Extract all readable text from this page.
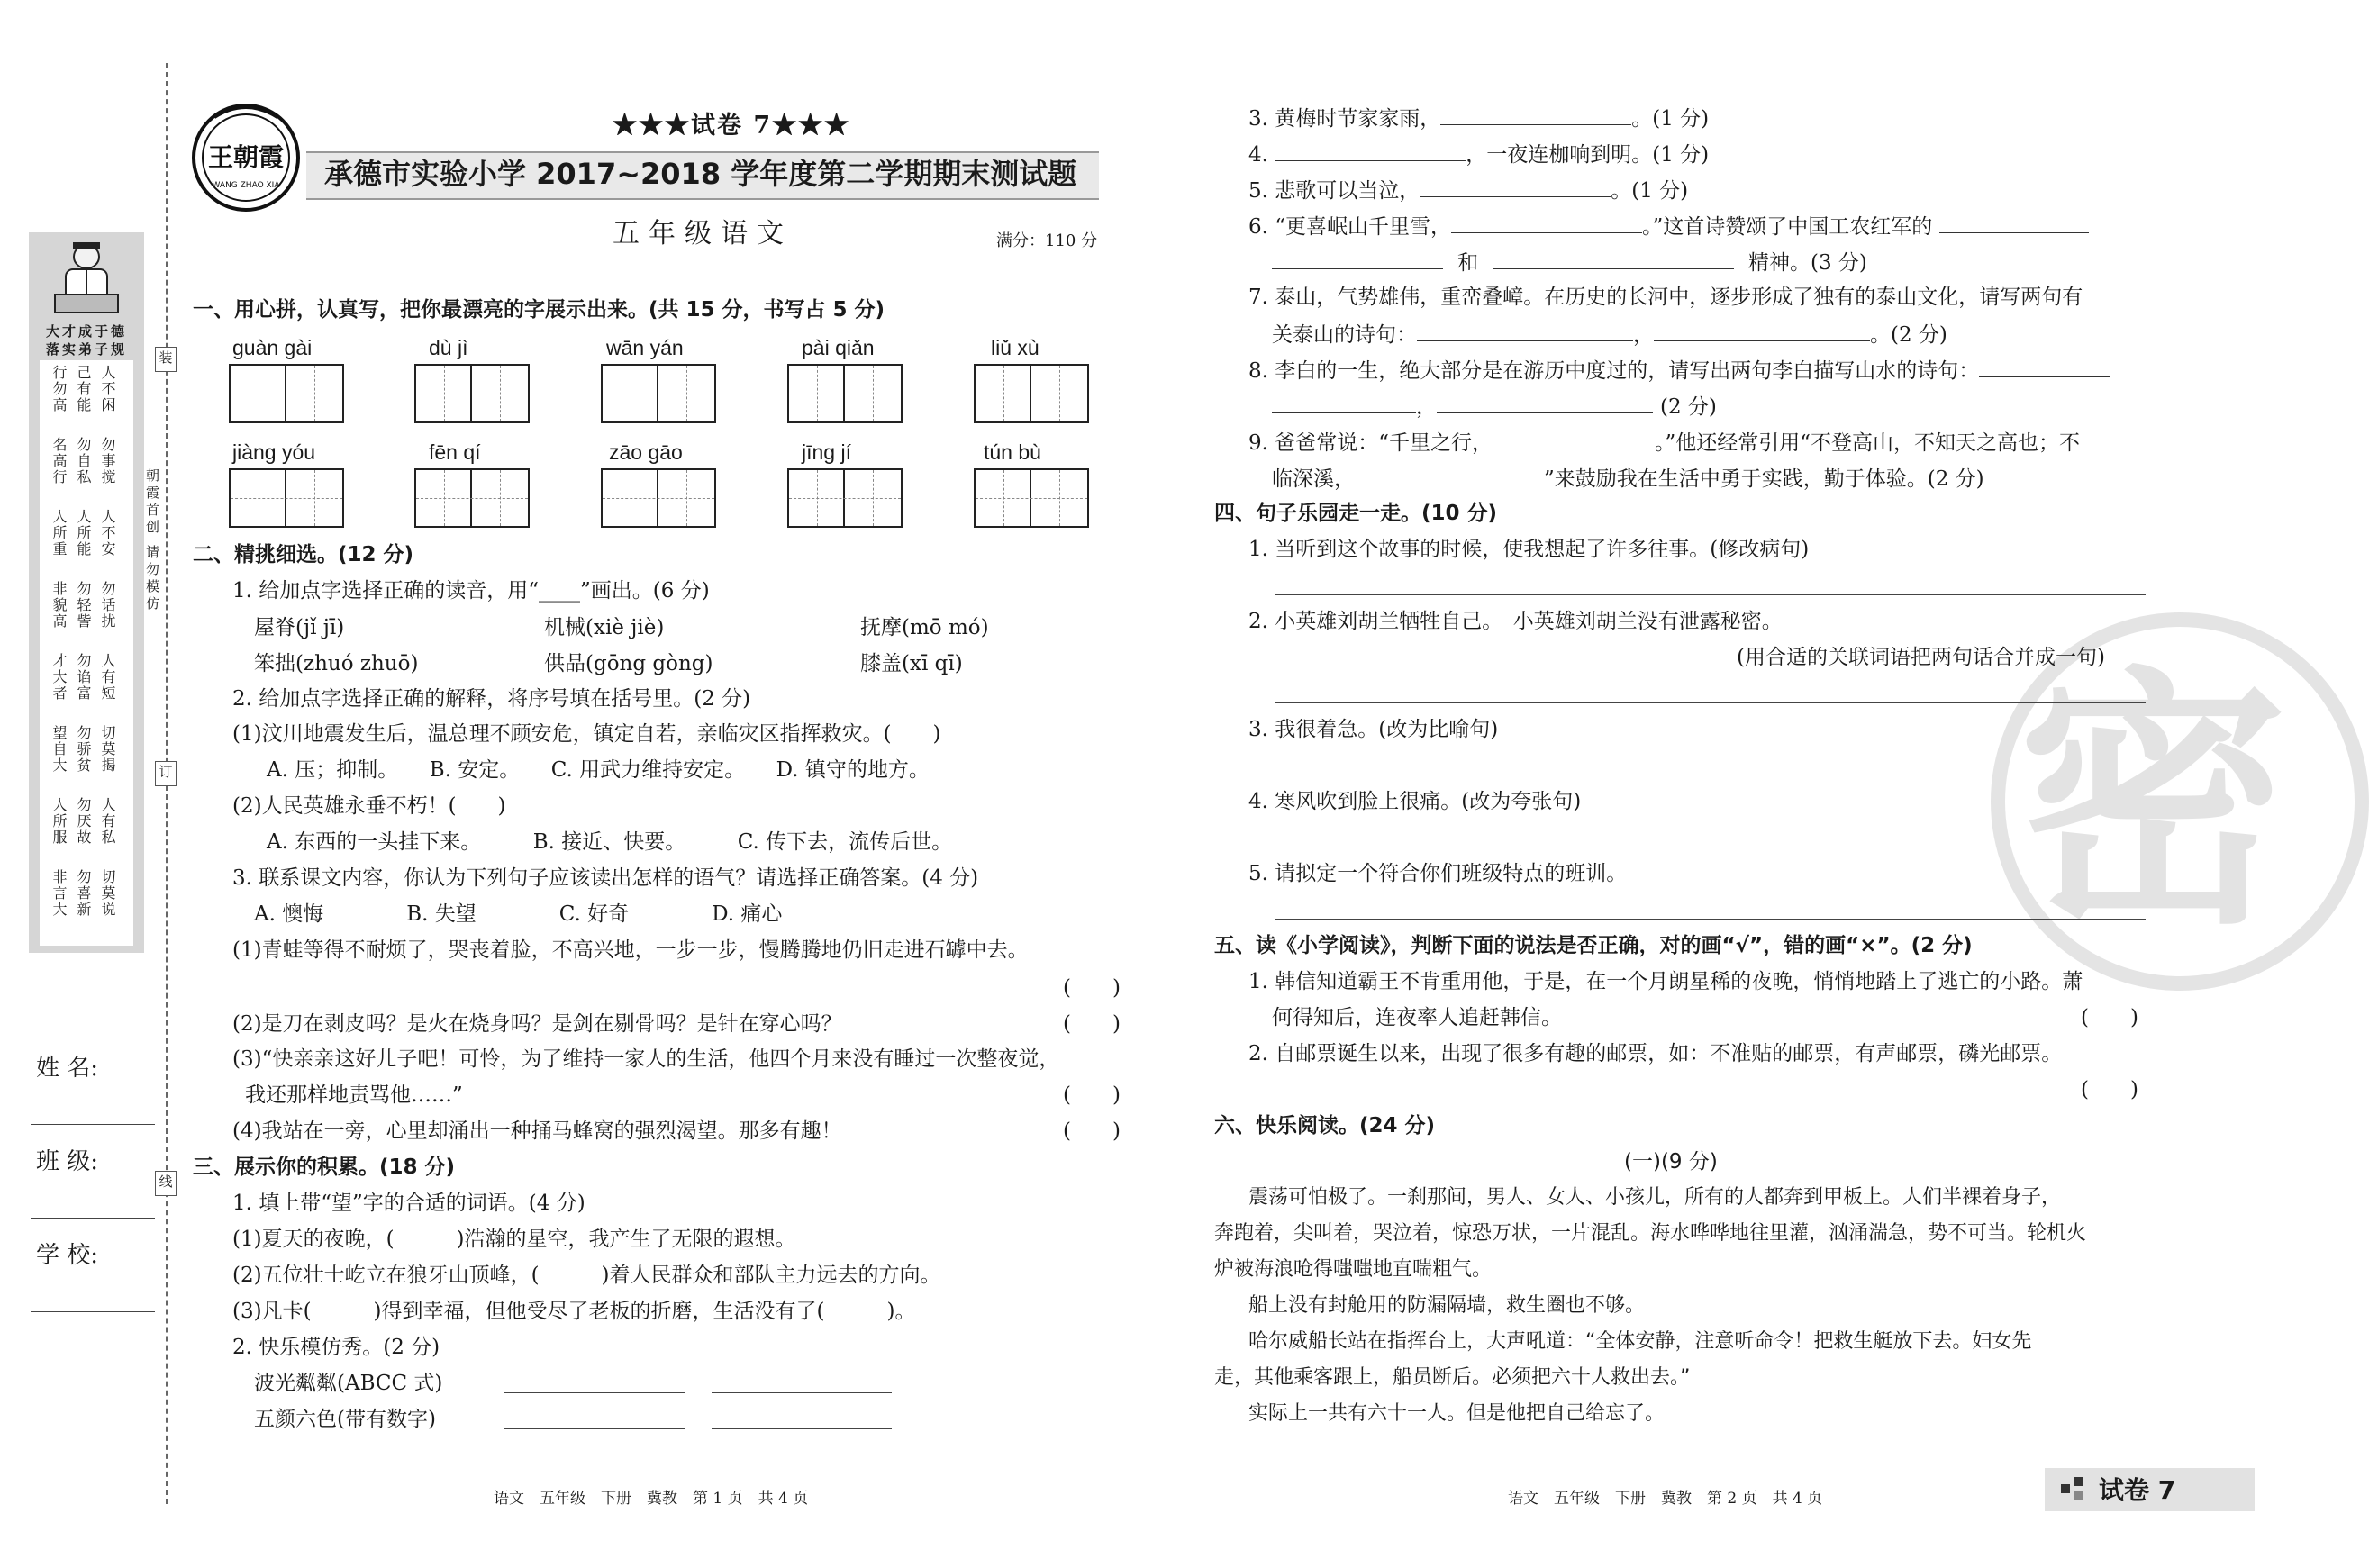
大才成于德
落实弟子规
人不闲
己有能
行勿高
勿事搅
勿自私
名高行
人不安
人所能
人所重
勿话扰
勿轻訾
非貌高
人有短
勿谄富
才大者
切莫揭
勿骄贫
望自大
人有私
勿厌故
人所服
切莫说
勿喜新
非言大
姓 名:
班 级:
学 校:
装
订
线
朝霞首创 请勿模仿
王朝霞
WANG ZHAO XIA
★★★试卷 7★★★
承德市实验小学 2017~2018 学年度第二学期期末测试题
五年级语文	满分：110 分
一、用心拼，认真写，把你最漂亮的字展示出来。(共 15 分，书写占 5 分)
guàn gài	dù jì	wān yán	pài qiǎn	liǔ xù
jiàng yóu	fēn qí	zāo gāo	jīng jí	tún bù
二、精挑细选。(12 分)
1. 给加点字选择正确的读音，用“____”画出。(6 分)
屋脊(jǐ jī)	机械(xiè jiè)	抚摩(mō mó)
笨拙(zhuó zhuō)	供品(gōng gòng)	膝盖(xī qī)
2. 给加点字选择正确的解释，将序号填在括号里。(2 分)
(1)汶川地震发生后，温总理不顾安危，镇定自若，亲临灾区指挥救灾。(　　)
A. 压；抑制。　　B. 安定。　　C. 用武力维持安定。　　D. 镇守的地方。
(2)人民英雄永垂不朽！(　　)
A. 东西的一头挂下来。　　　B. 接近、快要。　　　C. 传下去，流传后世。
3. 联系课文内容，你认为下列句子应该读出怎样的语气？请选择正确答案。(4 分)
A. 懊悔　　　　B. 失望　　　　C. 好奇　　　　D. 痛心
(1)青蛙等得不耐烦了，哭丧着脸，不高兴地，一步一步，慢腾腾地仍旧走进石罅中去。
(　　)
(2)是刀在剥皮吗？是火在烧身吗？是剑在剔骨吗？是针在穿心吗？	(　　)
(3)“快亲亲这好儿子吧！可怜，为了维持一家人的生活，他四个月来没有睡过一次整夜觉，
我还那样地责骂他……”	(　　)
(4)我站在一旁，心里却涌出一种捅马蜂窝的强烈渴望。那多有趣！	(　　)
三、展示你的积累。(18 分)
1. 填上带“望”字的合适的词语。(4 分)
(1)夏天的夜晚，(　　　)浩瀚的星空，我产生了无限的遐想。
(2)五位壮士屹立在狼牙山顶峰，(　　　)着人民群众和部队主力远去的方向。
(3)凡卡(　　　)得到幸福，但他受尽了老板的折磨，生活没有了(　　　)。
2. 快乐模仿秀。(2 分)
波光粼粼(ABCC 式)
五颜六色(带有数字)
语文　五年级　下册　冀教　第 1 页　共 4 页
密
3. 黄梅时节家家雨，	。(1 分)
4.	，一夜连枷响到明。(1 分)
5. 悲歌可以当泣，	。(1 分)
6. “更喜岷山千里雪，	。”这首诗赞颂了中国工农红军的
和	精神。(3 分)
7. 泰山，气势雄伟，重峦叠嶂。在历史的长河中，逐步形成了独有的泰山文化，请写两句有
关泰山的诗句：	，	。(2 分)
8. 李白的一生，绝大部分是在游历中度过的，请写出两句李白描写山水的诗句：
，	(2 分)
9. 爸爸常说：“千里之行，	。”他还经常引用“不登高山，不知天之高也；不
临深溪，	”来鼓励我在生活中勇于实践，勤于体验。(2 分)
四、句子乐园走一走。(10 分)
1. 当听到这个故事的时候，使我想起了许多往事。(修改病句)
2. 小英雄刘胡兰牺牲自己。　小英雄刘胡兰没有泄露秘密。
(用合适的关联词语把两句话合并成一句)
3. 我很着急。(改为比喻句)
4. 寒风吹到脸上很痛。(改为夸张句)
5. 请拟定一个符合你们班级特点的班训。
五、读《小学阅读》，判断下面的说法是否正确，对的画“√”，错的画“×”。(2 分)
1. 韩信知道霸王不肯重用他，于是，在一个月朗星稀的夜晚，悄悄地踏上了逃亡的小路。萧
何得知后，连夜率人追赶韩信。	(　　)
2. 自邮票诞生以来，出现了很多有趣的邮票，如：不准贴的邮票，有声邮票，磷光邮票。
(　　)
六、快乐阅读。(24 分)
(一)(9 分)
震荡可怕极了。一刹那间，男人、女人、小孩儿，所有的人都奔到甲板上。人们半裸着身子，
奔跑着，尖叫着，哭泣着，惊恐万状，一片混乱。海水哗哗地往里灌，汹涌湍急，势不可当。轮机火
炉被海浪呛得嗤嗤地直喘粗气。
船上没有封舱用的防漏隔墙，救生圈也不够。
哈尔威船长站在指挥台上，大声吼道：“全体安静，注意听命令！把救生艇放下去。妇女先
走，其他乘客跟上，船员断后。必须把六十人救出去。”
实际上一共有六十一人。但是他把自己给忘了。
语文　五年级　下册　冀教　第 2 页　共 4 页	试卷 7
